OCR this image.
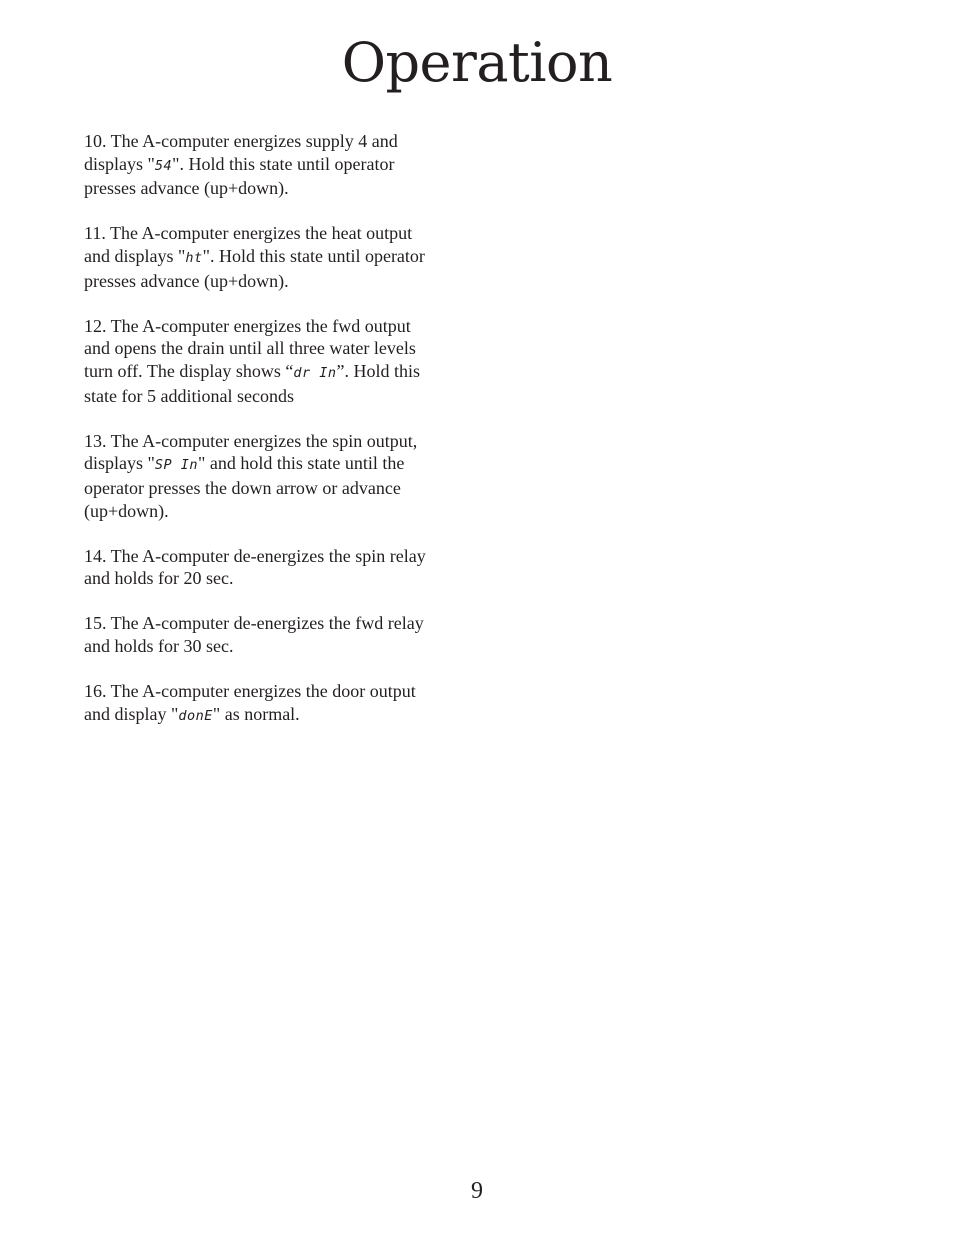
Operation

10. The A-computer energizes supply 4 and
displays "54". Hold this state until operator
presses advance (up+down).

11. The A-computer energizes the heat output
and displays "ht". Hold this state until operator
presses advance (up+down).

12. The A-computer energizes the fwd output
and opens the drain until all three water levels
turn off. The display shows “dr In”. Hold this
state for 5 additional seconds

13. The A-computer energizes the spin output,
displays "SP In" and hold this state until the
operator presses the down arrow or advance
(up+down).

14. The A-computer de-energizes the spin relay
and holds for 20 sec.

15. The A-computer de-energizes the fwd relay
and holds for 30 sec.

16. The A-computer energizes the door output
and display "donE" as normal.

9
